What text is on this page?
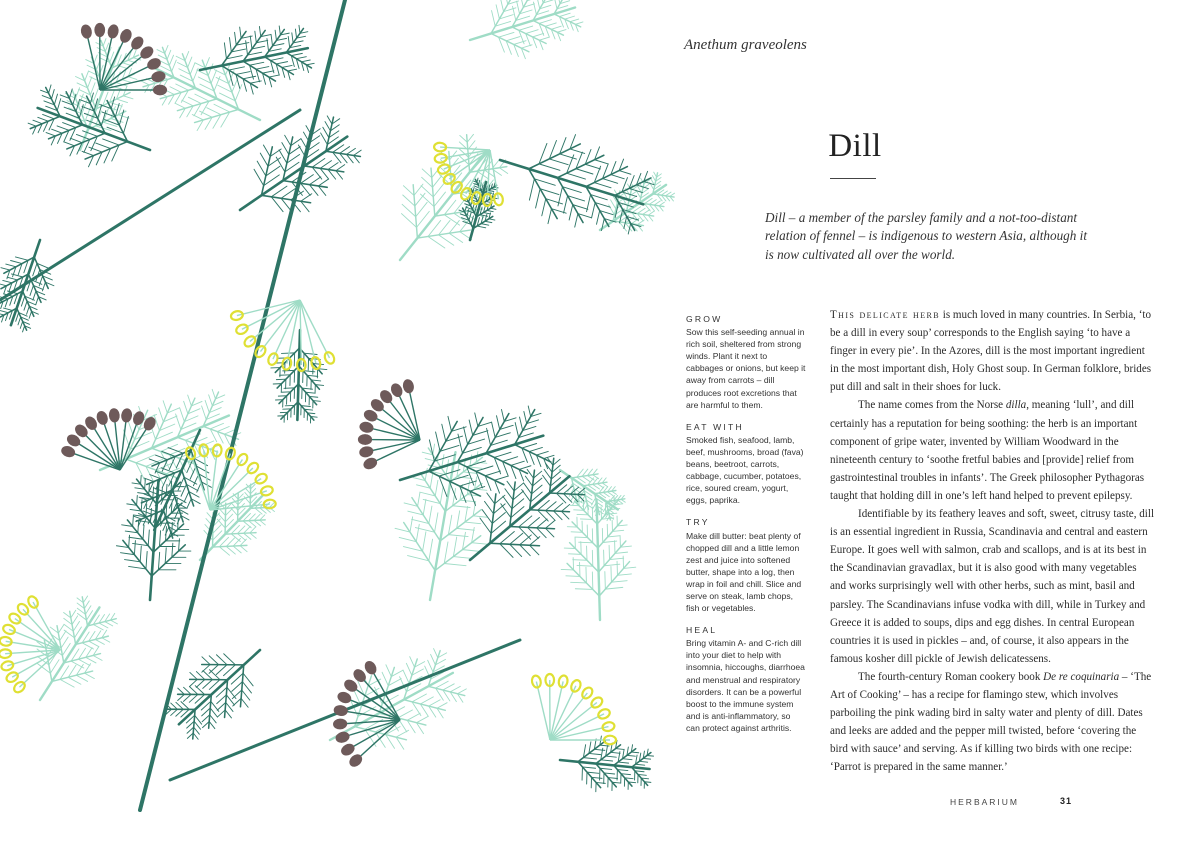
Anethum graveolens
Dill
Dill – a member of the parsley family and a not-too-distant relation of fennel – is indigenous to western Asia, although it is now cultivated all over the world.
GROW
Sow this self-seeding annual in rich soil, sheltered from strong winds. Plant it next to cabbages or onions, but keep it away from carrots – dill produces root excretions that are harmful to them.
EAT WITH
Smoked fish, seafood, lamb, beef, mushrooms, broad (fava) beans, beetroot, carrots, cabbage, cucumber, potatoes, rice, soured cream, yogurt, eggs, paprika.
TRY
Make dill butter: beat plenty of chopped dill and a little lemon zest and juice into softened butter, shape into a log, then wrap in foil and chill. Slice and serve on steak, lamb chops, fish or vegetables.
HEAL
Bring vitamin A- and C-rich dill into your diet to help with insomnia, hiccoughs, diarrhoea and menstrual and respiratory disorders. It can be a powerful boost to the immune system and is anti-inflammatory, so can protect against arthritis.

This delicate herb is much loved in many countries. In Serbia, ‘to be a dill in every soup’ corresponds to the English saying ‘to have a finger in every pie’. In the Azores, dill is the most important ingredient in the most important dish, Holy Ghost soup. In German folklore, brides put dill and salt in their shoes for luck.

The name comes from the Norse dilla, meaning ‘lull’, and dill certainly has a reputation for being soothing: the herb is an important component of gripe water, invented by William Woodward in the nineteenth century to ‘soothe fretful babies and [provide] relief from gastrointestinal troubles in infants’. The Greek philosopher Pythagoras taught that holding dill in one’s left hand helped to prevent epilepsy.

Identifiable by its feathery leaves and soft, sweet, citrusy taste, dill is an essential ingredient in Russia, Scandinavia and central and eastern Europe. It goes well with salmon, crab and scallops, and is at its best in the Scandinavian gravadlax, but it is also good with many vegetables and works surprisingly well with other herbs, such as mint, basil and parsley. The Scandinavians infuse vodka with dill, while in Turkey and Greece it is added to soups, dips and egg dishes. In central European countries it is used in pickles – and, of course, it also appears in the famous kosher dill pickle of Jewish delicatessens.

The fourth-century Roman cookery book De re coquinaria – ‘The Art of Cooking’ – has a recipe for flamingo stew, which involves parboiling the pink wading bird in salty water and plenty of dill. Dates and leeks are added and the pepper mill twisted, before ‘covering the bird with sauce’ and serving. As if killing two birds with one recipe: ‘Parrot is prepared in the same manner.’

HERBARIUM	31
